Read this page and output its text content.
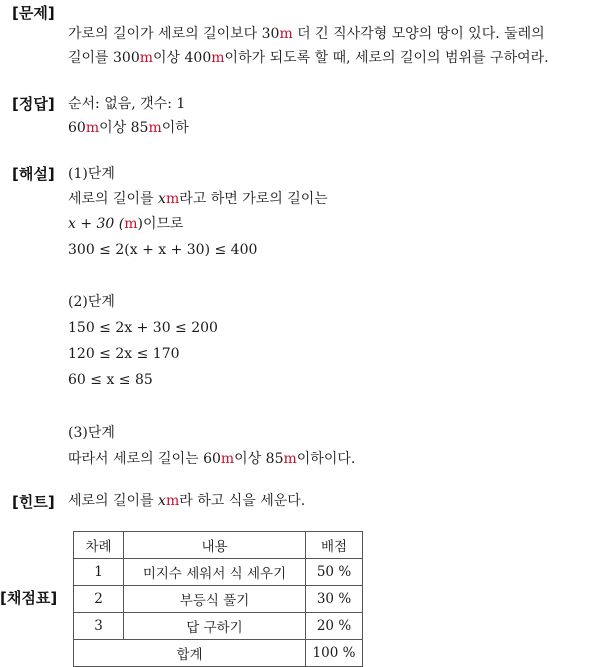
[문제]
가로의 길이가 세로의 길이보다 30m 더 긴 직사각형 모양의 땅이 있다. 둘레의
길이를 300m이상 400m이하가 되도록 할 때, 세로의 길이의 범위를 구하여라.
[정답] 순서: 없음, 갯수: 1
60m이상 85m이하
[해설] (1)단계
세로의 길이를 xm라고 하면 가로의 길이는
x + 30 (m)이므로
300 ≤ 2(x + x + 30) ≤ 400
(2)단계
150 ≤ 2x + 30 ≤ 200
120 ≤ 2x ≤ 170
60 ≤ x ≤ 85
(3)단계
따라서 세로의 길이는 60m이상 85m이하이다.
[힌트] 세로의 길이를 xm라 하고 식을 세운다.
[채점표]
차례	내용	배점
1	미지수 세워서 식 세우기	50 %
2	부등식 풀기	30 %
3	답 구하기	20 %
합계		100 %
